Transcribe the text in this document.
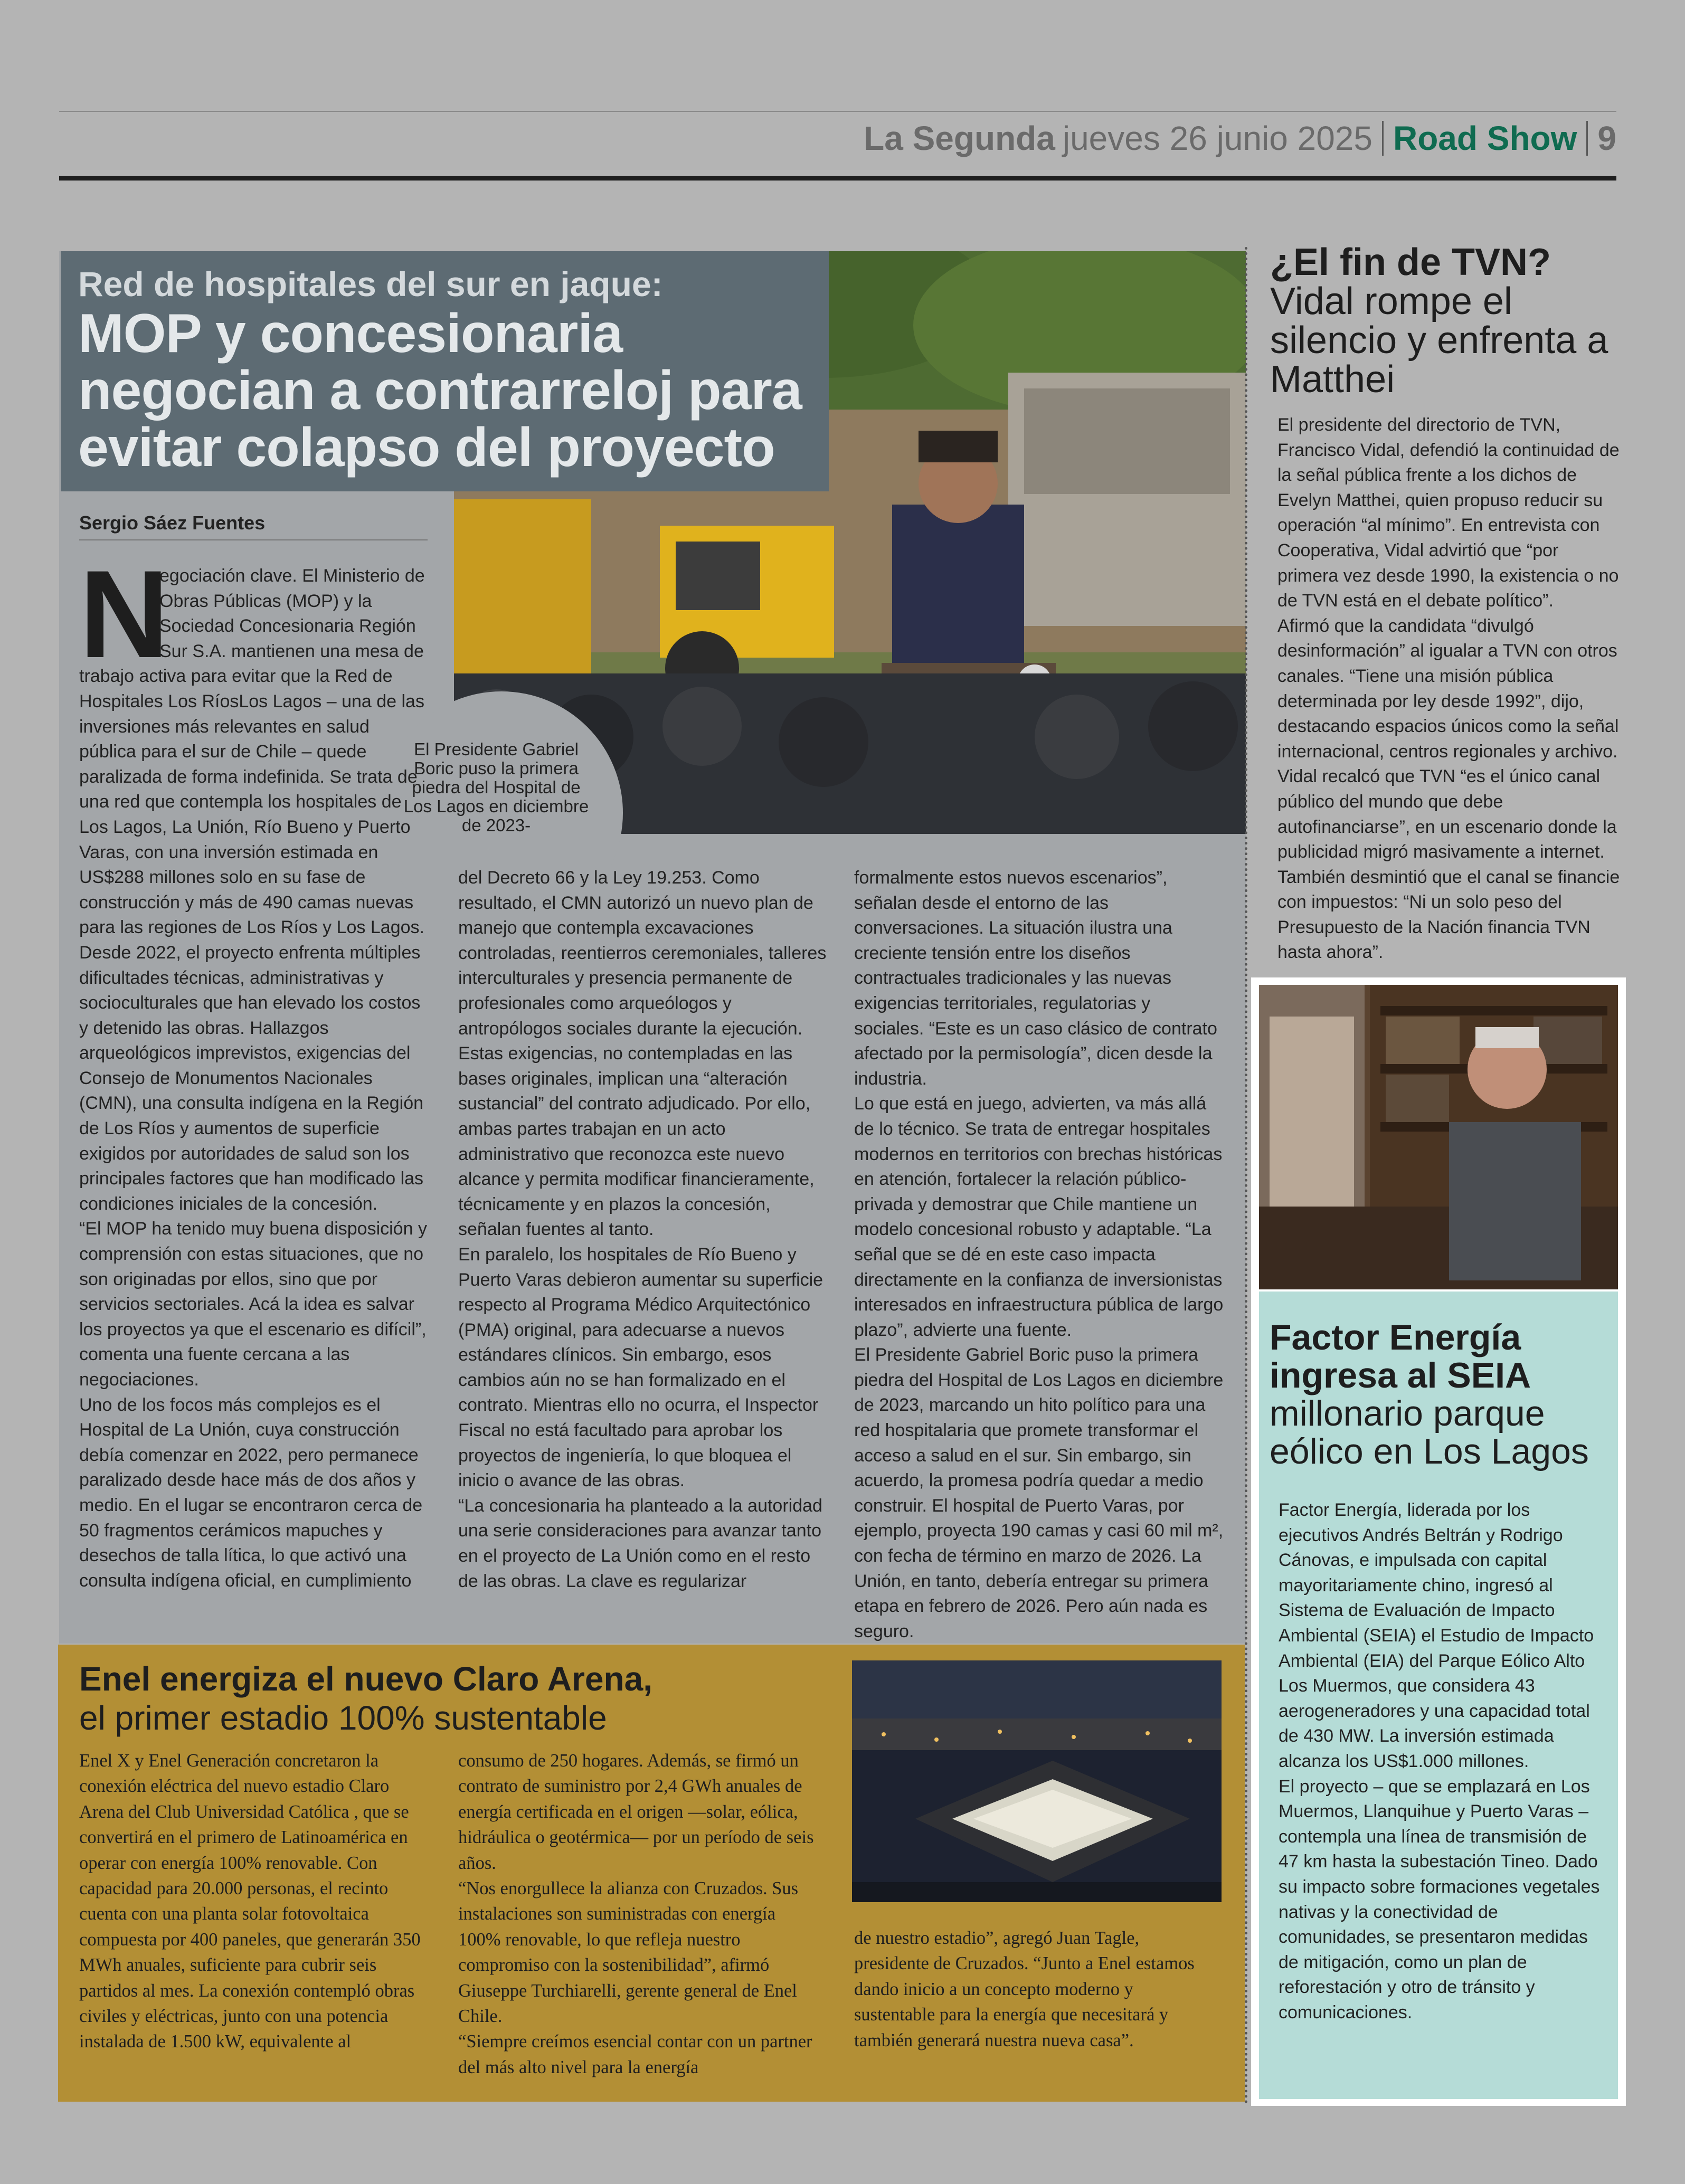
La Segunda jueves 26 junio 2025 Road Show 9
Red de hospitales del sur en jaque:
MOP y concesionaria negocian a contrarreloj para evitar colapso del proyecto
Sergio Sáez Fuentes
El Presidente Gabriel Boric puso la primera piedra del Hospital de Los Lagos en diciembre de 2023-
N

egociación clave. El Ministerio de Obras Públicas (MOP) y la Sociedad Concesionaria Región Sur S.A. mantienen una mesa de trabajo activa para evitar que la Red de Hospitales Los RíosLos Lagos – una de las inversiones más relevantes en salud pública para el sur de Chile – quede paralizada de forma indefinida. Se trata de una red que contempla los hospitales de Los Lagos, La Unión, Río Bueno y Puerto Varas, con una inversión estimada en US$288 millones solo en su fase de construcción y más de 490 camas nuevas para las regiones de Los Ríos y Los Lagos.

Desde 2022, el proyecto enfrenta múltiples dificultades técnicas, administrativas y socioculturales que han elevado los costos y detenido las obras. Hallazgos arqueológicos imprevistos, exigencias del Consejo de Monumentos Nacionales (CMN), una consulta indígena en la Región de Los Ríos y aumentos de superficie exigidos por autoridades de salud son los principales factores que han modificado las condiciones iniciales de la concesión.

“El MOP ha tenido muy buena disposición y comprensión con estas situaciones, que no son originadas por ellos, sino que por servicios sectoriales. Acá la idea es salvar los proyectos ya que el escenario es difícil”, comenta una fuente cercana a las negociaciones.

Uno de los focos más complejos es el Hospital de La Unión, cuya construcción debía comenzar en 2022, pero permanece paralizado desde hace más de dos años y medio. En el lugar se encontraron cerca de 50 fragmentos cerámicos mapuches y desechos de talla lítica, lo que activó una consulta indígena oficial, en cumplimiento

del Decreto 66 y la Ley 19.253. Como resultado, el CMN autorizó un nuevo plan de manejo que contempla excavaciones controladas, reentierros ceremoniales, talleres interculturales y presencia permanente de profesionales como arqueólogos y antropólogos sociales durante la ejecución.

Estas exigencias, no contempladas en las bases originales, implican una “alteración sustancial” del contrato adjudicado. Por ello, ambas partes trabajan en un acto administrativo que reconozca este nuevo alcance y permita modificar financieramente, técnicamente y en plazos la concesión, señalan fuentes al tanto.

En paralelo, los hospitales de Río Bueno y Puerto Varas debieron aumentar su superficie respecto al Programa Médico Arquitectónico (PMA) original, para adecuarse a nuevos estándares clínicos. Sin embargo, esos cambios aún no se han formalizado en el contrato. Mientras ello no ocurra, el Inspector Fiscal no está facultado para aprobar los proyectos de ingeniería, lo que bloquea el inicio o avance de las obras.

“La concesionaria ha planteado a la autoridad una serie consideraciones para avanzar tanto en el proyecto de La Unión como en el resto de las obras. La clave es regularizar

formalmente estos nuevos escenarios”, señalan desde el entorno de las conversaciones. La situación ilustra una creciente tensión entre los diseños contractuales tradicionales y las nuevas exigencias territoriales, regulatorias y sociales. “Este es un caso clásico de contrato afectado por la permisología”, dicen desde la industria.

Lo que está en juego, advierten, va más allá de lo técnico. Se trata de entregar hospitales modernos en territorios con brechas históricas en atención, fortalecer la relación público-privada y demostrar que Chile mantiene un modelo concesional robusto y adaptable. “La señal que se dé en este caso impacta directamente en la confianza de inversionistas interesados en infraestructura pública de largo plazo”, advierte una fuente.

El Presidente Gabriel Boric puso la primera piedra del Hospital de Los Lagos en diciembre de 2023, marcando un hito político para una red hospitalaria que promete transformar el acceso a salud en el sur. Sin embargo, sin acuerdo, la promesa podría quedar a medio construir. El hospital de Puerto Varas, por ejemplo, proyecta 190 camas y casi 60 mil m², con fecha de término en marzo de 2026. La Unión, en tanto, debería entregar su primera etapa en febrero de 2026. Pero aún nada es seguro.

¿El fin de TVN?
Vidal rompe el silencio y enfrenta a Matthei

El presidente del directorio de TVN, Francisco Vidal, defendió la continuidad de la señal pública frente a los dichos de Evelyn Matthei, quien propuso reducir su operación “al mínimo”. En entrevista con Cooperativa, Vidal advirtió que “por primera vez desde 1990, la existencia o no de TVN está en el debate político”.

Afirmó que la candidata “divulgó desinformación” al igualar a TVN con otros canales. “Tiene una misión pública determinada por ley desde 1992”, dijo, destacando espacios únicos como la señal internacional, centros regionales y archivo.

Vidal recalcó que TVN “es el único canal público del mundo que debe autofinanciarse”, en un escenario donde la publicidad migró masivamente a internet. También desmintió que el canal se financie con impuestos: “Ni un solo peso del Presupuesto de la Nación financia TVN hasta ahora”.

Factor Energía ingresa al SEIA
millonario parque eólico en Los Lagos

Factor Energía, liderada por los ejecutivos Andrés Beltrán y Rodrigo Cánovas, e impulsada con capital mayoritariamente chino, ingresó al Sistema de Evaluación de Impacto Ambiental (SEIA) el Estudio de Impacto Ambiental (EIA) del Parque Eólico Alto Los Muermos, que considera 43 aerogeneradores y una capacidad total de 430 MW. La inversión estimada alcanza los US$1.000 millones.

El proyecto – que se emplazará en Los Muermos, Llanquihue y Puerto Varas – contempla una línea de transmisión de 47 km hasta la subestación Tineo. Dado su impacto sobre formaciones vegetales nativas y la conectividad de comunidades, se presentaron medidas de mitigación, como un plan de reforestación y otro de tránsito y comunicaciones.

Enel energiza el nuevo Claro Arena,
el primer estadio 100% sustentable

Enel X y Enel Generación concretaron la conexión eléctrica del nuevo estadio Claro Arena del Club Universidad Católica , que se convertirá en el primero de Latinoamérica en operar con energía 100% renovable. Con capacidad para 20.000 personas, el recinto cuenta con una planta solar fotovoltaica compuesta por 400 paneles, que generarán 350 MWh anuales, suficiente para cubrir seis partidos al mes. La conexión contempló obras civiles y eléctricas, junto con una potencia instalada de 1.500 kW, equivalente al

consumo de 250 hogares. Además, se firmó un contrato de suministro por 2,4 GWh anuales de energía certificada en el origen —solar, eólica, hidráulica o geotérmica— por un período de seis años.

“Nos enorgullece la alianza con Cruzados. Sus instalaciones son suministradas con energía 100% renovable, lo que refleja nuestro compromiso con la sostenibilidad”, afirmó Giuseppe Turchiarelli, gerente general de Enel Chile.

“Siempre creímos esencial contar con un partner del más alto nivel para la energía

de nuestro estadio”, agregó Juan Tagle, presidente de Cruzados. “Junto a Enel estamos dando inicio a un concepto moderno y sustentable para la energía que necesitará y también generará nuestra nueva casa”.
